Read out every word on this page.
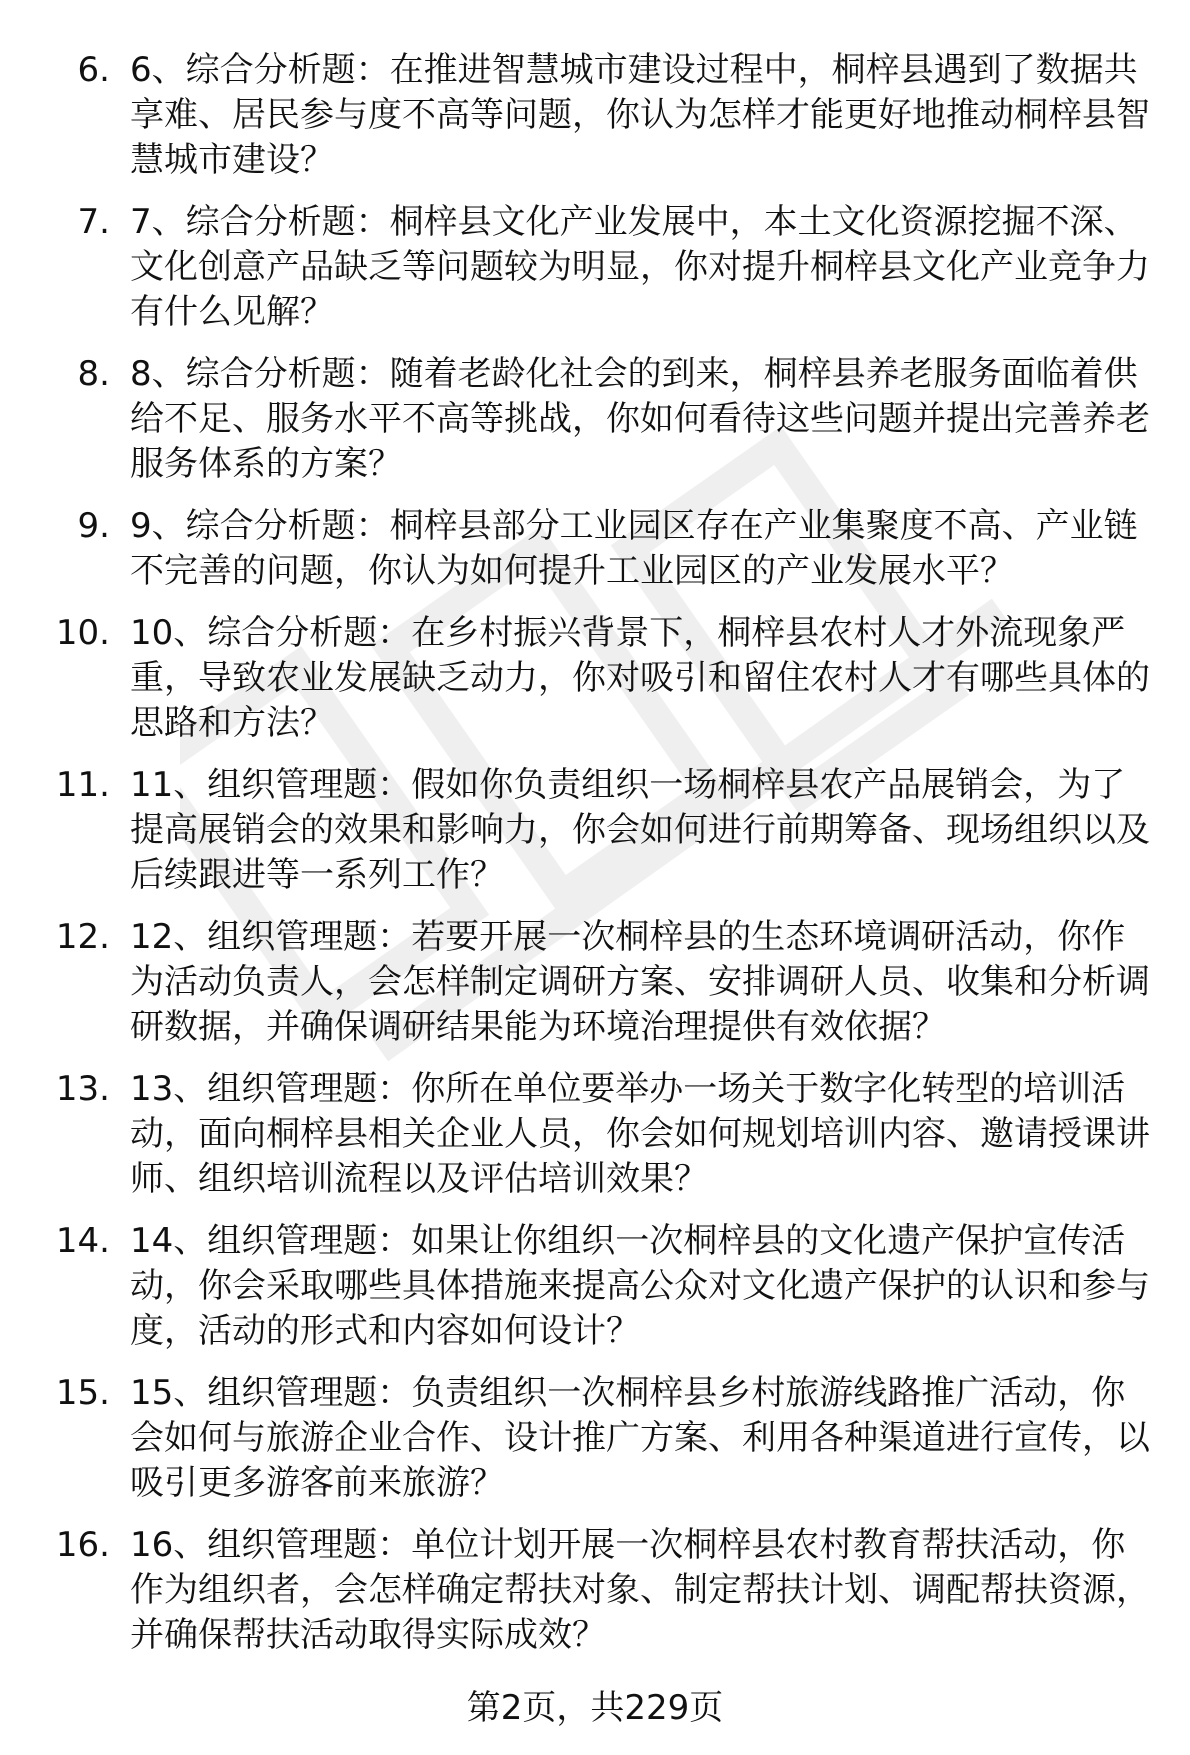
6. 6、综合分析题：在推进智慧城市建设过程中，桐梓县遇到了数据共享难、居民参与度不高等问题，你认为怎样才能更好地推动桐梓县智慧城市建设？
7. 7、综合分析题：桐梓县文化产业发展中，本土文化资源挖掘不深、文化创意产品缺乏等问题较为明显，你对提升桐梓县文化产业竞争力有什么见解？
8. 8、综合分析题：随着老龄化社会的到来，桐梓县养老服务面临着供给不足、服务水平不高等挑战，你如何看待这些问题并提出完善养老服务体系的方案？
9. 9、综合分析题：桐梓县部分工业园区存在产业集聚度不高、产业链不完善的问题，你认为如何提升工业园区的产业发展水平？
10. 10、综合分析题：在乡村振兴背景下，桐梓县农村人才外流现象严重，导致农业发展缺乏动力，你对吸引和留住农村人才有哪些具体的思路和方法？
11. 11、组织管理题：假如你负责组织一场桐梓县农产品展销会，为了提高展销会的效果和影响力，你会如何进行前期筹备、现场组织以及后续跟进等一系列工作？
12. 12、组织管理题：若要开展一次桐梓县的生态环境调研活动，你作为活动负责人，会怎样制定调研方案、安排调研人员、收集和分析调研数据，并确保调研结果能为环境治理提供有效依据？
13. 13、组织管理题：你所在单位要举办一场关于数字化转型的培训活动，面向桐梓县相关企业人员，你会如何规划培训内容、邀请授课讲师、组织培训流程以及评估培训效果？
14. 14、组织管理题：如果让你组织一次桐梓县的文化遗产保护宣传活动，你会采取哪些具体措施来提高公众对文化遗产保护的认识和参与度，活动的形式和内容如何设计？
15. 15、组织管理题：负责组织一次桐梓县乡村旅游线路推广活动，你会如何与旅游企业合作、设计推广方案、利用各种渠道进行宣传，以吸引更多游客前来旅游？
16. 16、组织管理题：单位计划开展一次桐梓县农村教育帮扶活动，你作为组织者，会怎样确定帮扶对象、制定帮扶计划、调配帮扶资源，并确保帮扶活动取得实际成效？
第2页，共229页
